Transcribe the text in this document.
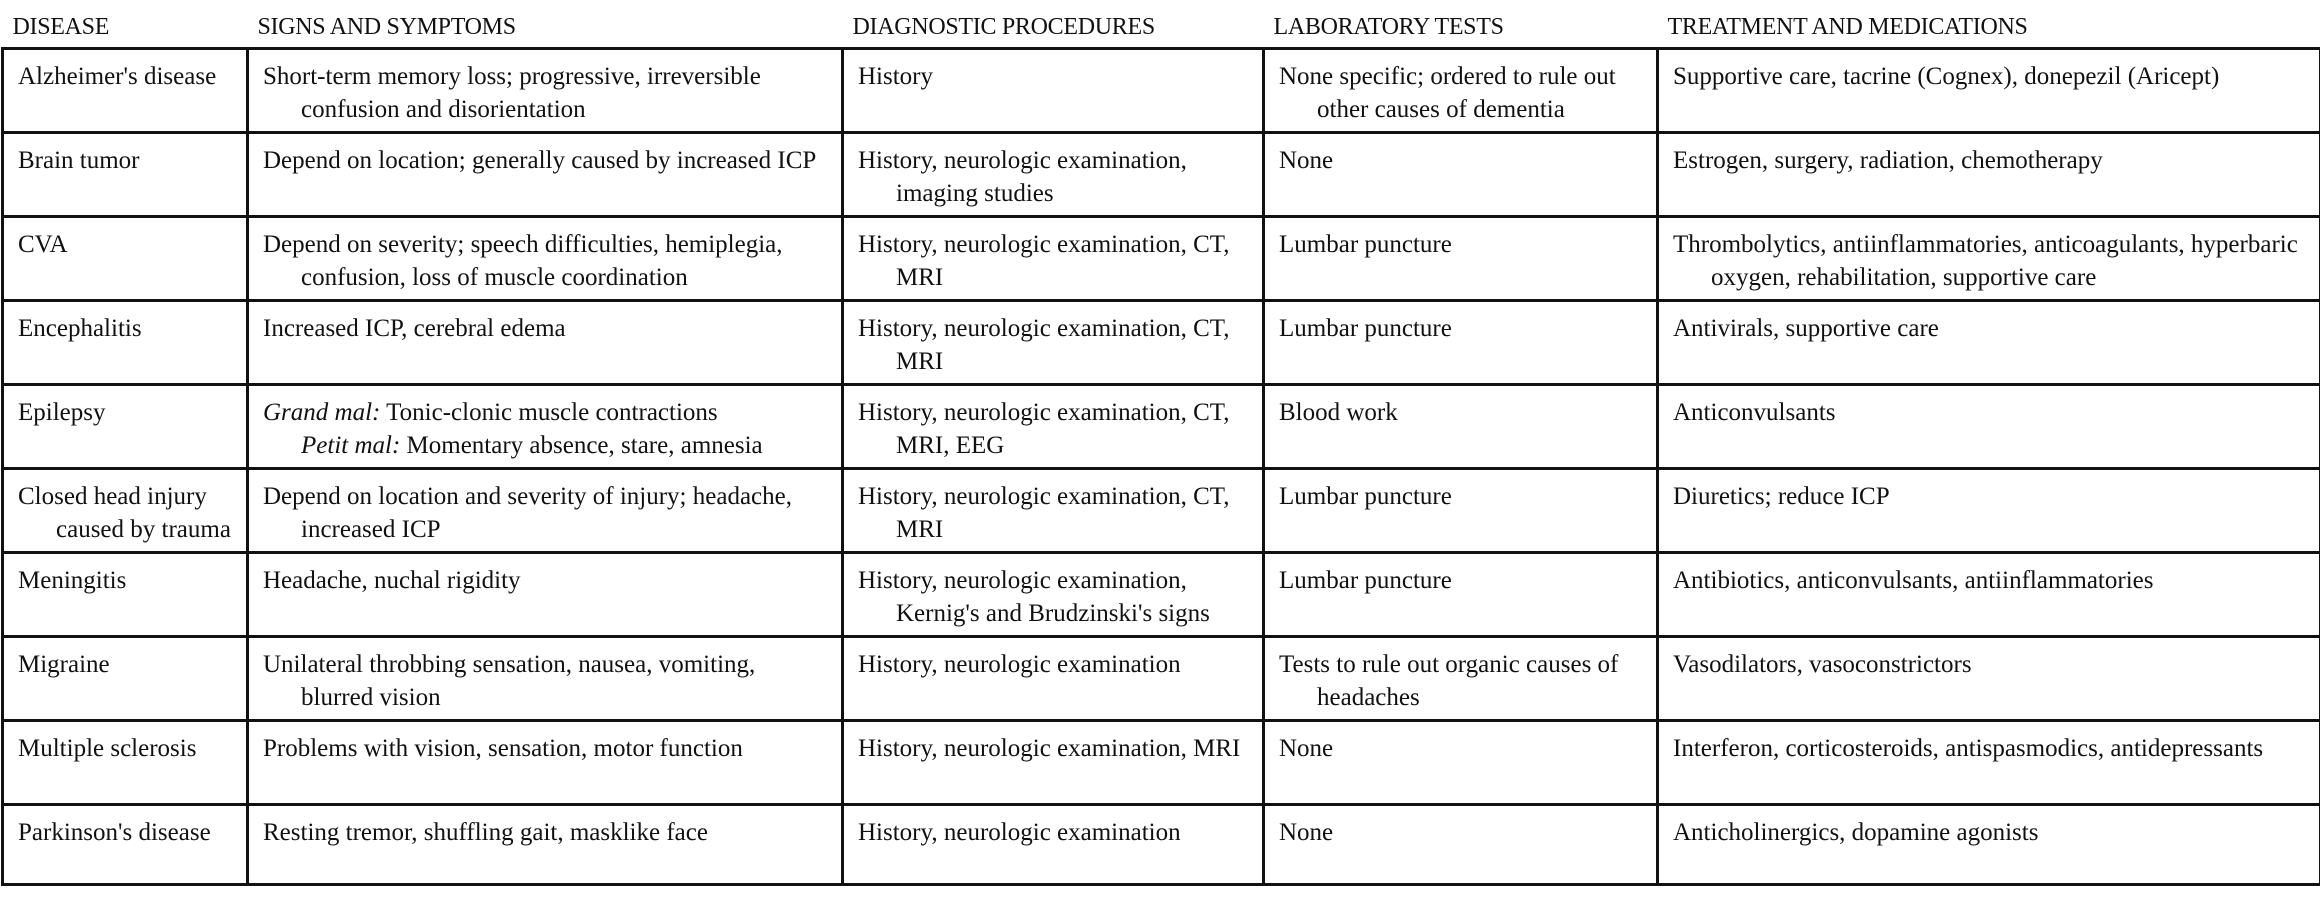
DISEASE	SIGNS AND SYMPTOMS	DIAGNOSTIC PROCEDURES	LABORATORY TESTS	TREATMENT AND MEDICATIONS

Alzheimer's disease	Short-term memory loss; progressive, irreversible confusion and disorientation	History	None specific; ordered to rule out other causes of dementia	Supportive care, tacrine (Cognex), donepezil (Aricept)

Brain tumor	Depend on location; generally caused by increased ICP	History, neurologic examination, imaging studies	None	Estrogen, surgery, radiation, chemotherapy

CVA	Depend on severity; speech difficulties, hemiplegia, confusion, loss of muscle coordination	History, neurologic examination, CT, MRI	Lumbar puncture	Thrombolytics, antiinflammatories, anticoagulants, hyperbaric oxygen, rehabilitation, supportive care

Encephalitis	Increased ICP, cerebral edema	History, neurologic examination, CT, MRI	Lumbar puncture	Antivirals, supportive care

Epilepsy	Grand mal: Tonic-clonic muscle contractions
Petit mal: Momentary absence, stare, amnesia	History, neurologic examination, CT, MRI, EEG	Blood work	Anticonvulsants

Closed head injury caused by trauma	Depend on location and severity of injury; headache, increased ICP	History, neurologic examination, CT, MRI	Lumbar puncture	Diuretics; reduce ICP

Meningitis	Headache, nuchal rigidity	History, neurologic examination, Kernig's and Brudzinski's signs	Lumbar puncture	Antibiotics, anticonvulsants, antiinflammatories

Migraine	Unilateral throbbing sensation, nausea, vomiting, blurred vision	History, neurologic examination	Tests to rule out organic causes of headaches	Vasodilators, vasoconstrictors

Multiple sclerosis	Problems with vision, sensation, motor function	History, neurologic examination, MRI	None	Interferon, corticosteroids, antispasmodics, antidepressants

Parkinson's disease	Resting tremor, shuffling gait, masklike face	History, neurologic examination	None	Anticholinergics, dopamine agonists
